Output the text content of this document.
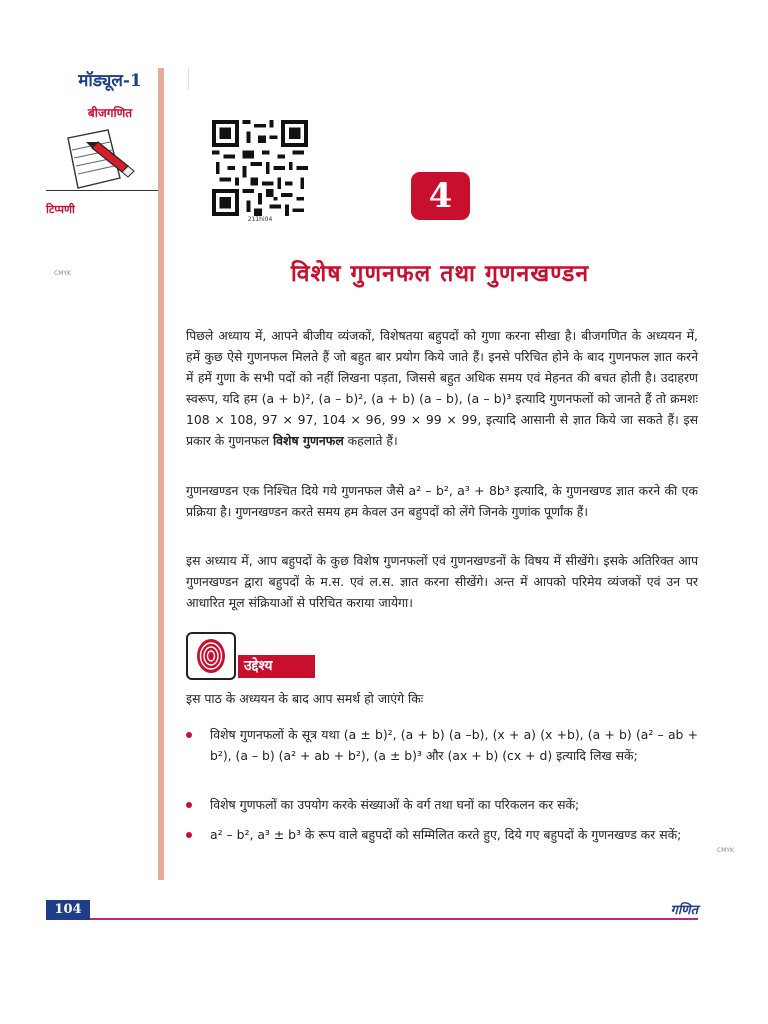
मॉड्यूल-1
बीजगणित
टिप्पणी
CMYK
CMYK
211hi04
4
विशेष गुणनफल तथा गुणनखण्डन

पिछले अध्याय में, आपने बीजीय व्यंजकों, विशेषतया बहुपदों को गुणा करना सीखा है। बीजगणित के अध्ययन में, हमें कुछ ऐसे गुणनफल मिलते हैं जो बहुत बार प्रयोग किये जाते हैं। इनसे परिचित होने के बाद गुणनफल ज्ञात करने में हमें गुणा के सभी पदों को नहीं लिखना पड़ता, जिससे बहुत अधिक समय एवं मेहनत की बचत होती है। उदाहरण स्वरूप, यदि हम (a + b)², (a – b)², (a + b) (a – b), (a – b)³ इत्यादि गुणनफलों को जानते हैं तो क्रमशः 108 × 108, 97 × 97, 104 × 96, 99 × 99 × 99, इत्यादि आसानी से ज्ञात किये जा सकते हैं। इस प्रकार के गुणनफल विशेष गुणनफल कहलाते हैं।

गुणनखण्डन एक निश्चित दिये गये गुणनफल जैसे a² – b², a³ + 8b³ इत्यादि, के गुणनखण्ड ज्ञात करने की एक प्रक्रिया है। गुणनखण्डन करते समय हम केवल उन बहुपदों को लेंगे जिनके गुणांक पूर्णांक हैं।

इस अध्याय में, आप बहुपदों के कुछ विशेष गुणनफलों एवं गुणनखण्डनों के विषय में सीखेंगे। इसके अतिरिक्त आप गुणनखण्डन द्वारा बहुपदों के म.स. एवं ल.स. ज्ञात करना सीखेंगे। अन्त में आपको परिमेय व्यंजकों एवं उन पर आधारित मूल संक्रियाओं से परिचित कराया जायेगा।

उद्देश्य

इस पाठ के अध्ययन के बाद आप समर्थ हो जाएंगे किः

विशेष गुणनफलों के सूत्र यथा (a ± b)², (a + b) (a –b), (x + a) (x +b), (a + b) (a² – ab + b²), (a – b) (a² + ab + b²), (a ± b)³ और (ax + b) (cx + d) इत्यादि लिख सकें;
विशेष गुणफलों का उपयोग करके संख्याओं के वर्ग तथा घनों का परिकलन कर सकें;
a² – b², a³ ± b³ के रूप वाले बहुपदों को सम्मिलित करते हुए, दिये गए बहुपदों के गुणनखण्ड कर सकें;
104	गणित
